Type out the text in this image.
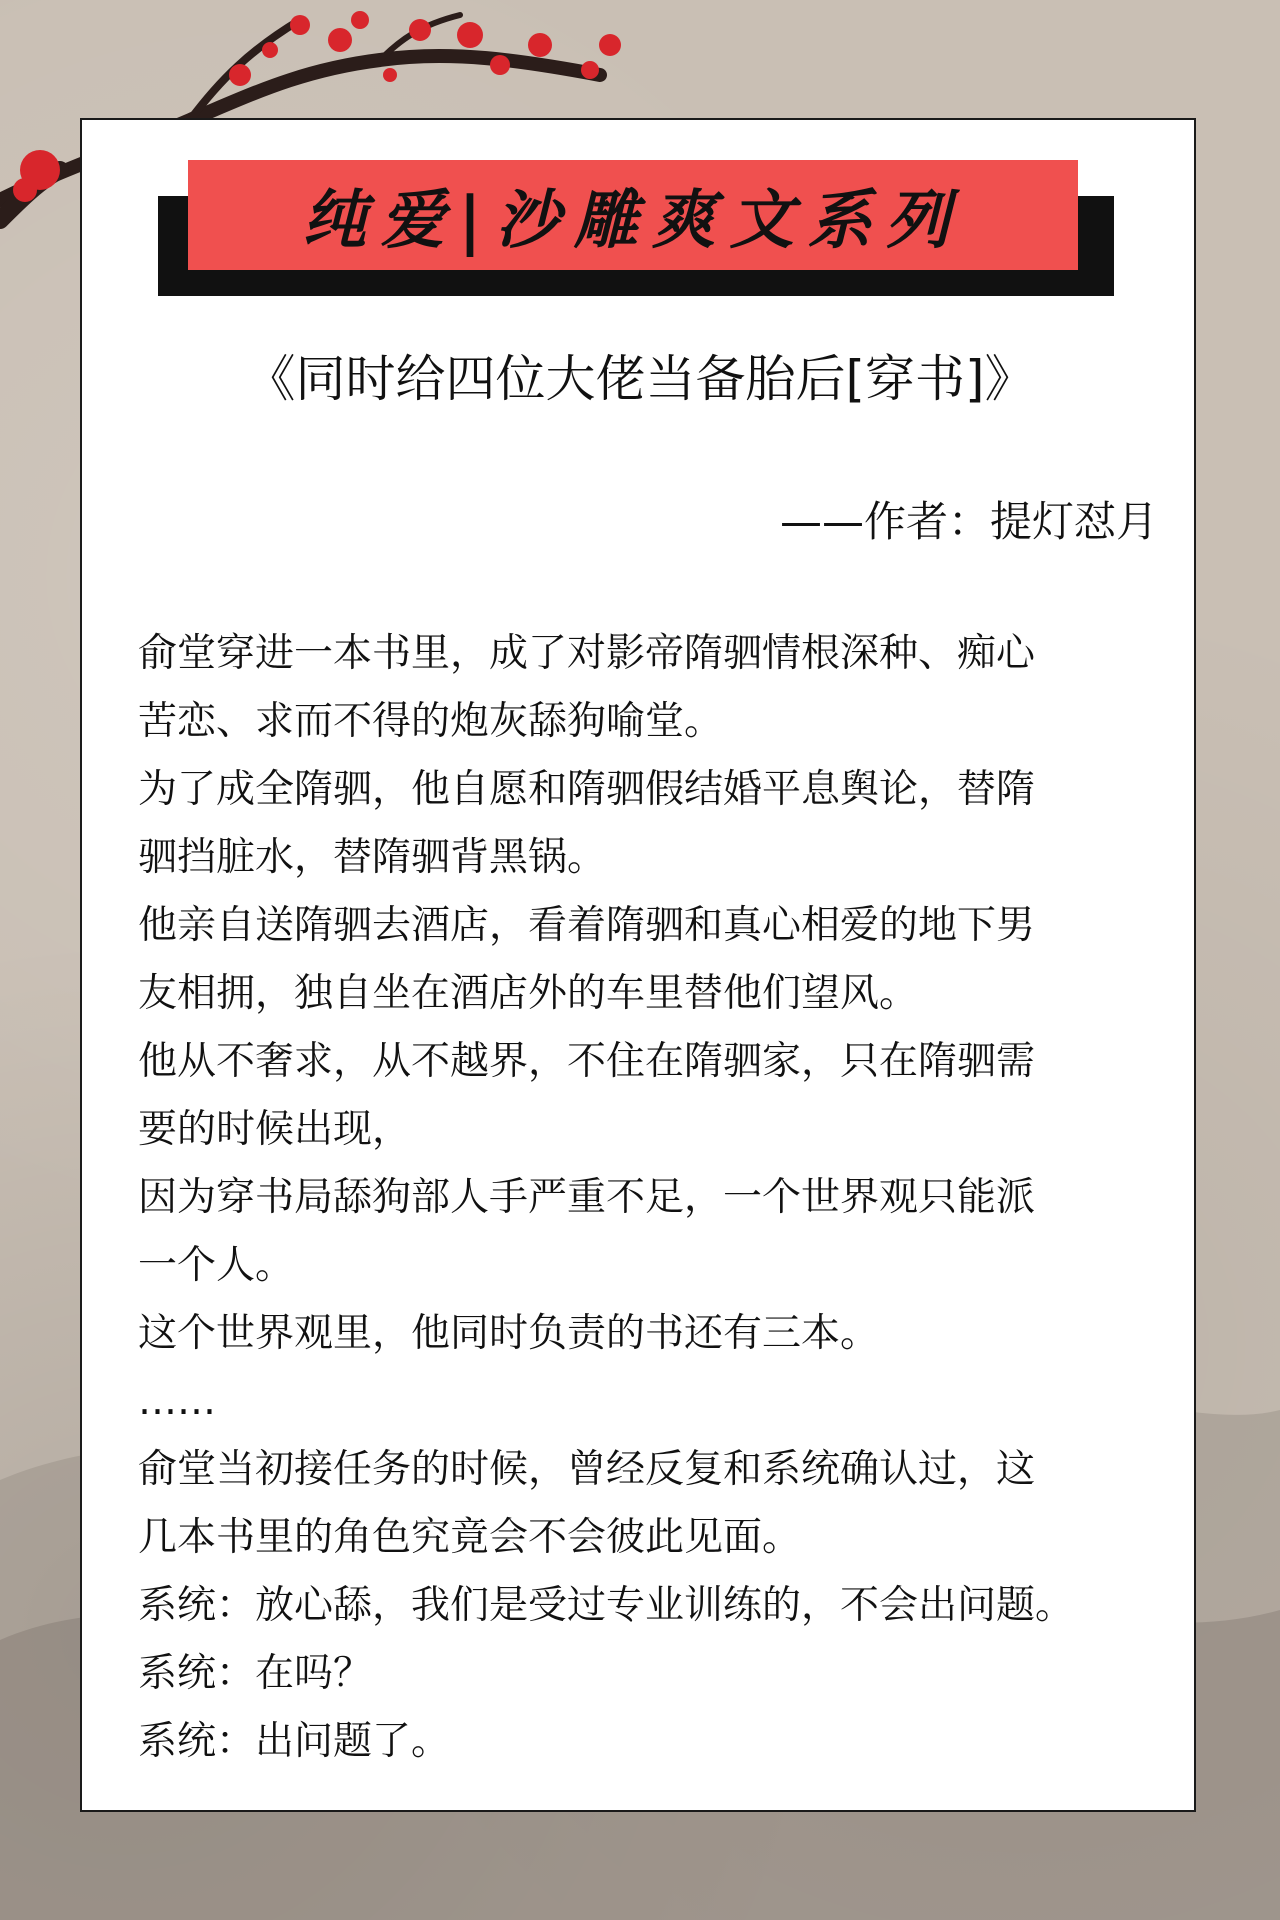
纯爱|沙雕爽文系列
《同时给四位大佬当备胎后[穿书]》
——作者：提灯怼月

俞堂穿进一本书里，成了对影帝隋驷情根深种、痴心

苦恋、求而不得的炮灰舔狗喻堂。

为了成全隋驷，他自愿和隋驷假结婚平息舆论，替隋

驷挡脏水，替隋驷背黑锅。

他亲自送隋驷去酒店，看着隋驷和真心相爱的地下男

友相拥，独自坐在酒店外的车里替他们望风。

他从不奢求，从不越界，不住在隋驷家，只在隋驷需

要的时候出现，

因为穿书局舔狗部人手严重不足，一个世界观只能派

一个人。

这个世界观里，他同时负责的书还有三本。

……

俞堂当初接任务的时候，曾经反复和系统确认过，这

几本书里的角色究竟会不会彼此见面。

系统：放心舔，我们是受过专业训练的，不会出问题。

系统：在吗？

系统：出问题了。
